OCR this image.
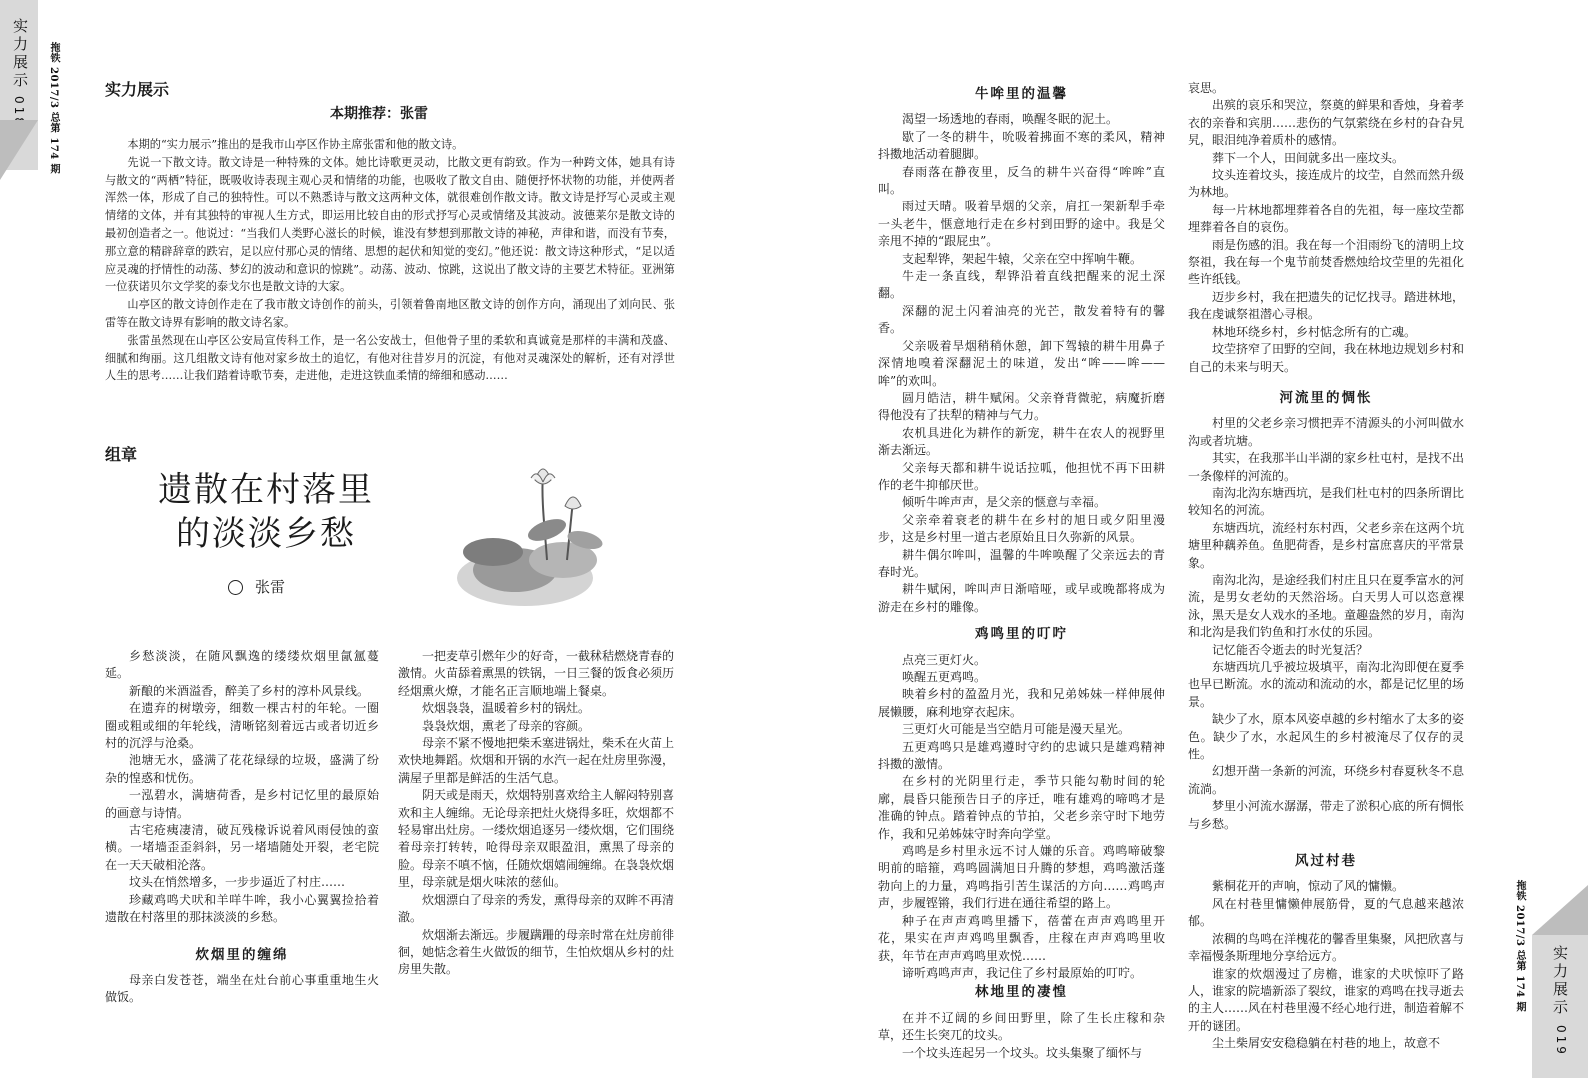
实力展示
018 拖铁 2017/3 总第 174 期	实力展示
本期推荐：张雷

本期的“实力展示”推出的是我市山亭区作协主席张雷和他的散文诗。

先说一下散文诗。散文诗是一种特殊的文体。她比诗歌更灵动，比散文更有韵致。作为一种跨文体，她具有诗与散文的“两栖”特征，既吸收诗表现主观心灵和情绪的功能，也吸收了散文自由、随便抒怀状物的功能，并使两者浑然一体，形成了自己的独特性。可以不熟悉诗与散文这两种文体，就很难创作散文诗。散文诗是抒写心灵或主观情绪的文体，并有其独特的审视人生方式，即运用比较自由的形式抒写心灵或情绪及其波动。波德莱尔是散文诗的最初创造者之一。他说过：“当我们人类野心滋长的时候，谁没有梦想到那散文诗的神秘，声律和谐，而没有节奏，那立意的精辟辞章的跌宕，足以应付那心灵的情绪、思想的起伏和知觉的变幻。”他还说：散文诗这种形式，“足以适应灵魂的抒情性的动荡、梦幻的波动和意识的惊跳”。动荡、波动、惊跳，这说出了散文诗的主要艺术特征。亚洲第一位获诺贝尔文学奖的泰戈尔也是散文诗的大家。

山亭区的散文诗创作走在了我市散文诗创作的前头，引领着鲁南地区散文诗的创作方向，涌现出了刘向民、张雷等在散文诗界有影响的散文诗名家。

张雷虽然现在山亭区公安局宣传科工作，是一名公安战士，但他骨子里的柔软和真诚竟是那样的丰满和茂盛、细腻和绚丽。这几组散文诗有他对家乡故土的追忆，有他对往昔岁月的沉淀，有他对灵魂深处的解析，还有对浮世人生的思考……让我们踏着诗歌节奏，走进他，走进这铁血柔情的缔细和感动……

组章
遗散在村落里
的淡淡乡愁
张雷

乡愁淡淡，在随风飘逸的缕缕炊烟里氤氲蔓延。

新酿的米酒溢香，醉美了乡村的淳朴风景线。

在遗弃的树墩旁，细数一棵古村的年轮。一圈圈或粗或细的年轮线，清晰铭刻着远古或者切近乡村的沉浮与沧桑。

池塘无水，盛满了花花绿绿的垃圾，盛满了纷杂的惶惑和忧伤。

一泓碧水，满塘荷香，是乡村记忆里的最原始的画意与诗情。

古宅疮痍凄清，破瓦残椽诉说着风雨侵蚀的蛮横。一堵墙歪歪斜斜，另一堵墙随处开裂，老宅院在一天天破相沦落。

坟头在悄然增多，一步步逼近了村庄……

珍藏鸡鸣犬吠和羊咩牛哞，我小心翼翼捡拾着遗散在村落里的那抹淡淡的乡愁。

炊烟里的缠绵

母亲白发苍苍，端坐在灶台前心事重重地生火做饭。

一把麦草引燃年少的好奇，一截秫秸燃烧青春的激情。火苗舔着熏黑的铁锅，一日三餐的饭食必须历经烟熏火燎，才能名正言顺地端上餐桌。

炊烟袅袅，温暖着乡村的锅灶。

袅袅炊烟，熏老了母亲的容颜。

母亲不紧不慢地把柴禾塞进锅灶，柴禾在火苗上欢快地舞蹈。炊烟和开锅的水汽一起在灶房里弥漫，满屋子里都是鲜活的生活气息。

阴天或是雨天，炊烟特别喜欢给主人解闷特别喜欢和主人缠绵。无论母亲把灶火烧得多旺，炊烟都不轻易窜出灶房。一缕炊烟追逐另一缕炊烟，它们围绕着母亲打转转，呛得母亲双眼盈泪，熏黑了母亲的脸。母亲不嗔不恼，任随炊烟嬉闹缠绵。在袅袅炊烟里，母亲就是烟火味浓的慈仙。

炊烟漂白了母亲的秀发，熏得母亲的双眸不再清澈。

炊烟渐去渐远。步履蹒跚的母亲时常在灶房前徘徊，她惦念着生火做饭的细节，生怕炊烟从乡村的灶房里失散。

牛哞里的温馨

渴望一场透地的春雨，唤醒冬眠的泥土。

歇了一冬的耕牛，吮吸着拂面不寒的柔风，精神抖擞地活动着腿脚。

春雨落在静夜里，反刍的耕牛兴奋得“哞哞”直叫。

雨过天晴。吸着旱烟的父亲，肩扛一架新犁手牵一头老牛，惬意地行走在乡村到田野的途中。我是父亲甩不掉的“跟屁虫”。

支起犁铧，架起牛辕，父亲在空中挥响牛鞭。

牛走一条直线，犁铧沿着直线把醒来的泥土深翻。

深翻的泥土闪着油亮的光芒，散发着特有的馨香。

父亲吸着旱烟稍稍休憩，卸下驾辕的耕牛用鼻子深情地嗅着深翻泥土的味道，发出“哞——哞——哞”的欢叫。

圆月皓洁，耕牛赋闲。父亲脊背微驼，病魔折磨得他没有了扶犁的精神与气力。

农机具进化为耕作的新宠，耕牛在农人的视野里渐去渐远。

父亲每天都和耕牛说话拉呱，他担忧不再下田耕作的老牛抑郁厌世。

倾听牛哞声声，是父亲的惬意与幸福。

父亲牵着衰老的耕牛在乡村的旭日或夕阳里漫步，这是乡村里一道古老原始且日久弥新的风景。

耕牛偶尔哞叫，温馨的牛哞唤醒了父亲远去的青春时光。

耕牛赋闲，哞叫声日渐喑哑，或早或晚都将成为游走在乡村的雕像。

鸡鸣里的叮咛

点亮三更灯火。

唤醒五更鸡鸣。

映着乡村的盈盈月光，我和兄弟姊妹一样伸展伸展懒腰，麻利地穿衣起床。

三更灯火可能是当空皓月可能是漫天星光。

五更鸡鸣只是雄鸡遵时守约的忠诚只是雄鸡精神抖擞的激情。

在乡村的光阴里行走，季节只能勾勒时间的轮廓，晨昏只能预告日子的序迁，唯有雄鸡的啼鸣才是准确的钟点。踏着钟点的节拍，父老乡亲守时下地劳作，我和兄弟姊妹守时奔向学堂。

鸡鸣是乡村里永远不讨人嫌的乐音。鸡鸣啼破黎明前的暗箍，鸡鸣圆满旭日升腾的梦想，鸡鸣激活蓬勃向上的力量，鸡鸣指引苦生谋活的方向……鸡鸣声声，步履铿锵，我们行进在通往希望的路上。

种子在声声鸡鸣里播下，蓓蕾在声声鸡鸣里开花，果实在声声鸡鸣里飘香，庄稼在声声鸡鸣里收获，年节在声声鸡鸣里欢悦……

谛听鸡鸣声声，我记住了乡村最原始的叮咛。

林地里的凄惶

在并不辽阔的乡间田野里，除了生长庄稼和杂草，还生长突兀的坟头。

一个坟头连起另一个坟头。坟头集聚了缅怀与

哀思。

出殡的哀乐和哭泣，祭奠的鲜果和香烛，身着孝衣的亲眷和宾朋……悲伤的气氛萦绕在乡村的旮旮旯旯，眼泪纯净着质朴的感情。

葬下一个人，田间就多出一座坟头。

坟头连着坟头，接连成片的坟茔，自然而然升级为林地。

每一片林地都埋葬着各自的先祖，每一座坟茔都埋葬着各自的哀伤。

雨是伤感的泪。我在每一个泪雨纷飞的清明上坟祭祖，我在每一个鬼节前焚香燃烛给坟茔里的先祖化些许纸钱。

迈步乡村，我在把遗失的记忆找寻。踏进林地，我在虔诚祭祖潜心寻根。

林地环绕乡村，乡村惦念所有的亡魂。

坟茔挤窄了田野的空间，我在林地边规划乡村和自己的未来与明天。

河流里的惆怅

村里的父老乡亲习惯把弄不清源头的小河叫做水沟或者坑塘。

其实，在我那半山半湖的家乡杜屯村，是找不出一条像样的河流的。

南沟北沟东塘西坑，是我们杜屯村的四条所谓比较知名的河流。

东塘西坑，流经村东村西，父老乡亲在这两个坑塘里种藕养鱼。鱼肥荷香，是乡村富庶喜庆的平常景象。

南沟北沟，是途经我们村庄且只在夏季富水的河流，是男女老幼的天然浴场。白天男人可以恣意裸泳，黑天是女人戏水的圣地。童趣盎然的岁月，南沟和北沟是我们钓鱼和打水仗的乐园。

记忆能否令逝去的时光复活？

东塘西坑几乎被垃圾填平，南沟北沟即便在夏季也早已断流。水的流动和流动的水，都是记忆里的场景。

缺少了水，原本风姿卓越的乡村缩水了太多的姿色。缺少了水，水起风生的乡村被淹尽了仅存的灵性。

幻想开凿一条新的河流，环绕乡村春夏秋冬不息流淌。

梦里小河流水潺潺，带走了淤积心底的所有惆怅与乡愁。

风过村巷

紫桐花开的声响，惊动了风的慵懒。

风在村巷里慵懒伸展筋骨，夏的气息越来越浓郁。

浓稠的鸟鸣在洋槐花的馨香里集聚，风把欣喜与幸福慢条斯理地分享给远方。

谁家的炊烟漫过了房檐，谁家的犬吠惊吓了路人，谁家的院墙新添了裂纹，谁家的鸡鸣在找寻逝去的主人……风在村巷里漫不经心地行进，制造着解不开的谜团。

尘土柴屑安安稳稳躺在村巷的地上，故意不

拖铁 2017/3 总第 174 期 实力展示
019
